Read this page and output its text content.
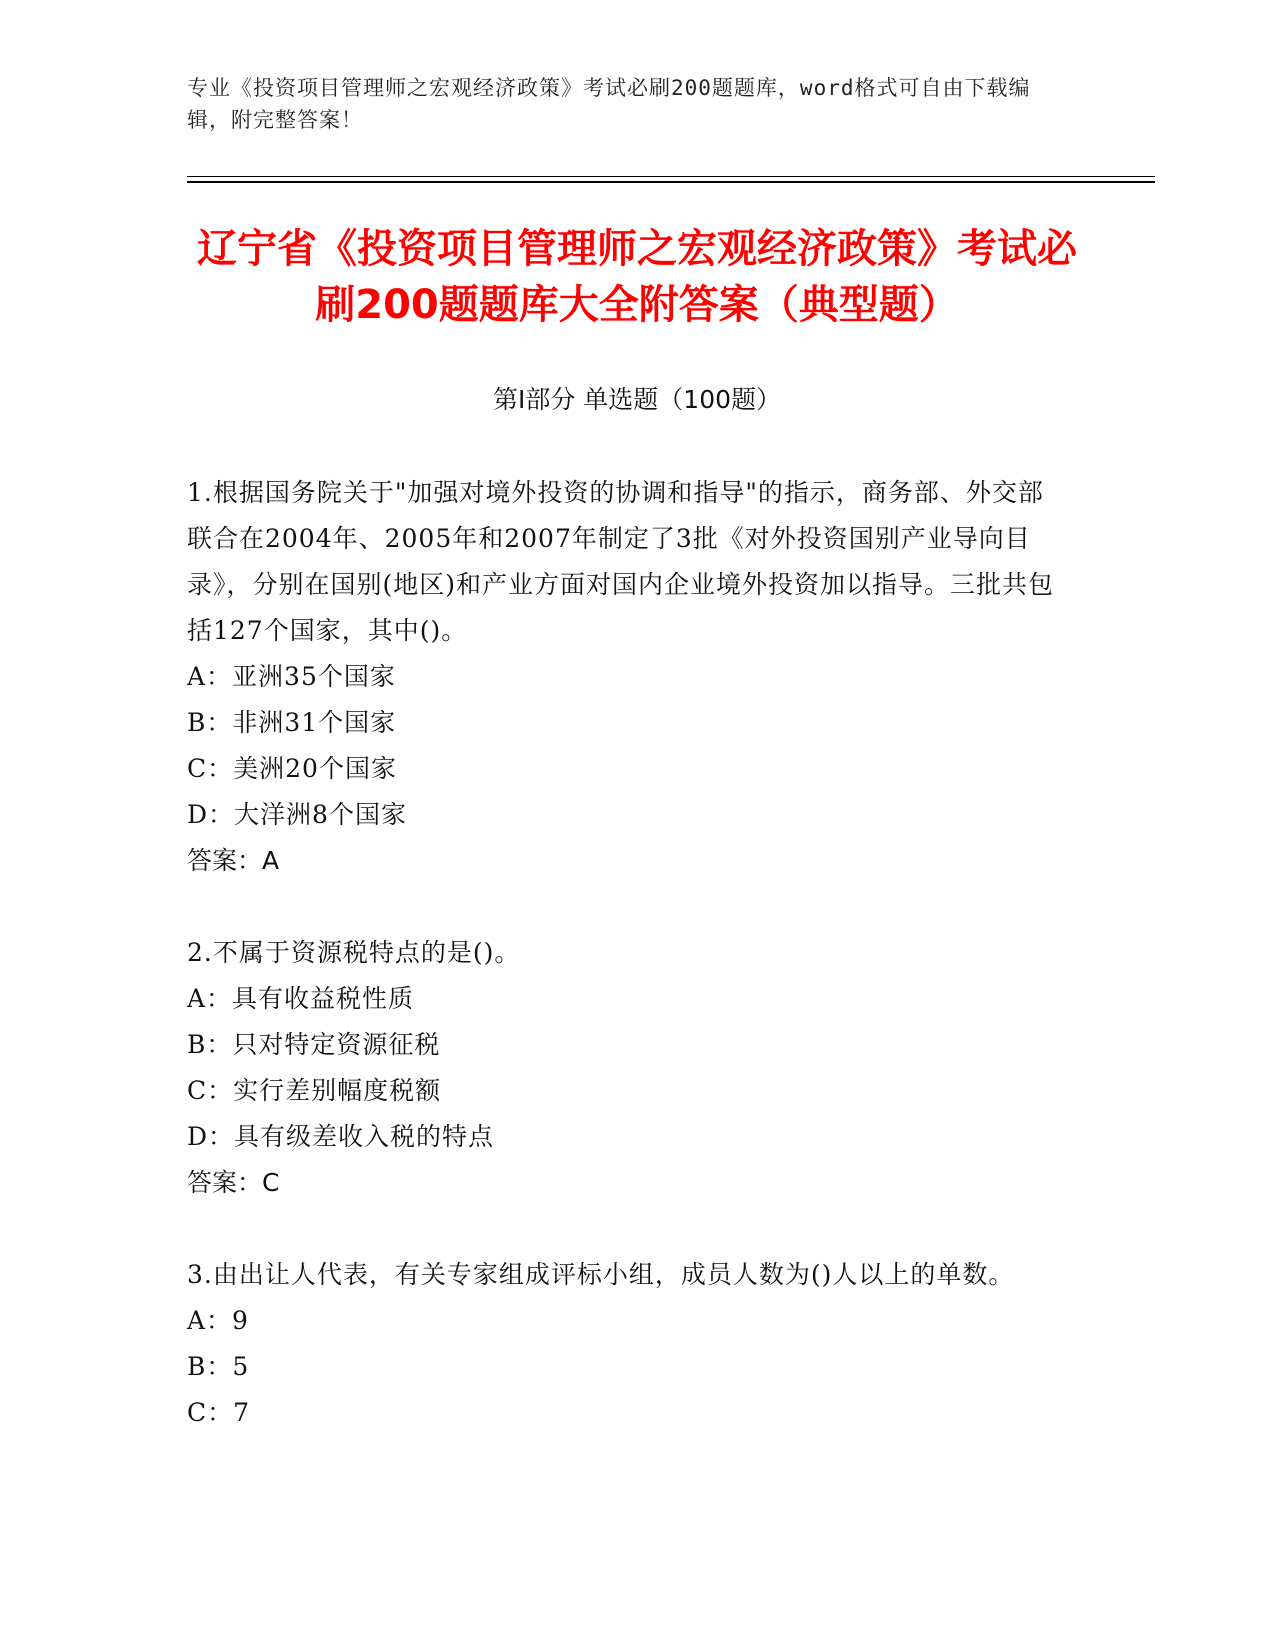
专业《投资项目管理师之宏观经济政策》考试必刷200题题库，word格式可自由下载编辑，附完整答案！
辽宁省《投资项目管理师之宏观经济政策》考试必刷200题题库大全附答案（典型题）
第Ⅰ部分 单选题（100题）

1.根据国务院关于"加强对境外投资的协调和指导"的指示，商务部、外交部联合在2004年、2005年和2007年制定了3批《对外投资国别产业导向目录》，分别在国别(地区)和产业方面对国内企业境外投资加以指导。三批共包括127个国家，其中()。

A：亚洲35个国家

B：非洲31个国家

C：美洲20个国家

D：大洋洲8个国家

答案：A

2.不属于资源税特点的是()。

A：具有收益税性质

B：只对特定资源征税

C：实行差别幅度税额

D：具有级差收入税的特点

答案：C

3.由出让人代表，有关专家组成评标小组，成员人数为()人以上的单数。

A：9

B：5

C：7
